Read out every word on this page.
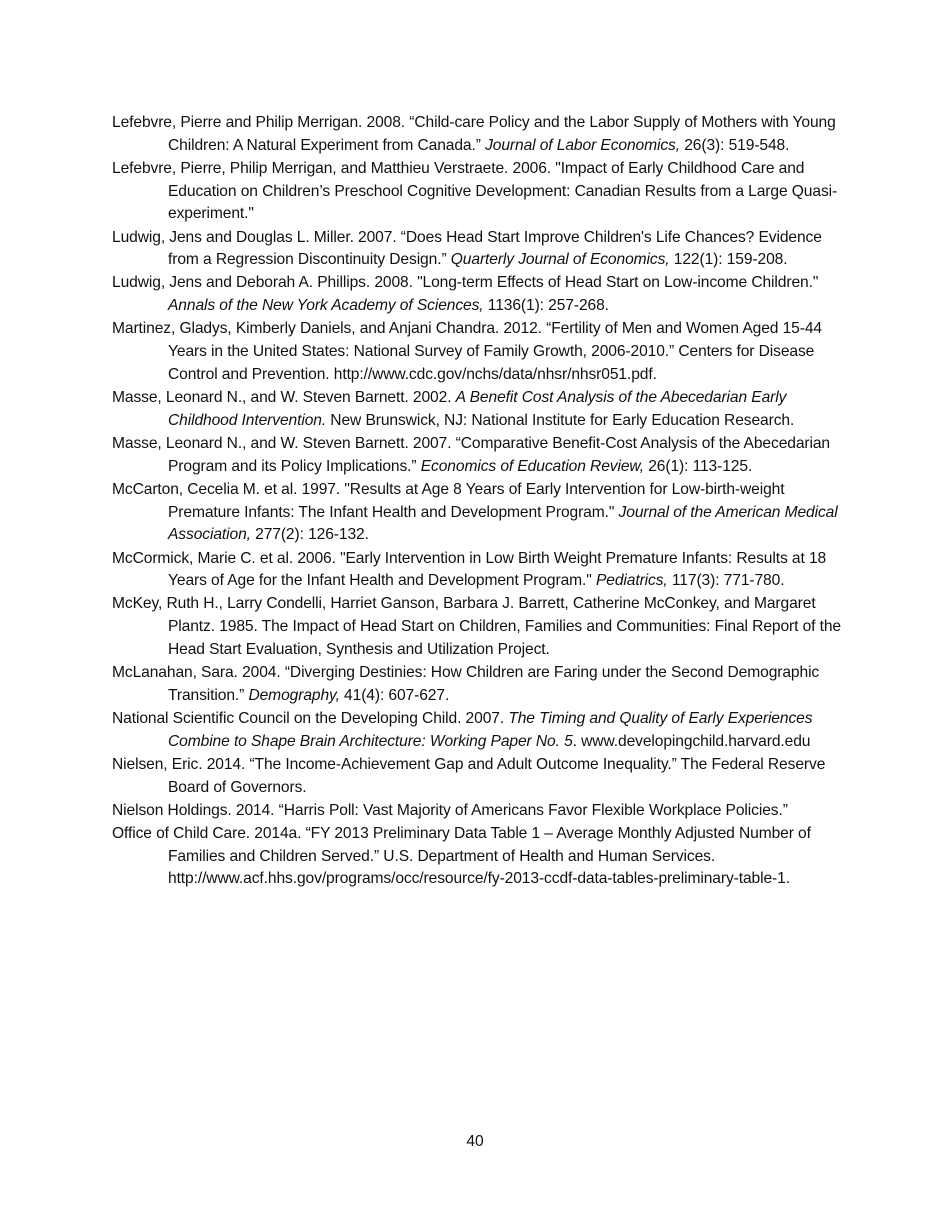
Lefebvre, Pierre and Philip Merrigan. 2008. “Child-care Policy and the Labor Supply of Mothers with Young Children: A Natural Experiment from Canada.” Journal of Labor Economics, 26(3): 519-548.
Lefebvre, Pierre, Philip Merrigan, and Matthieu Verstraete. 2006. "Impact of Early Childhood Care and Education on Children’s Preschool Cognitive Development: Canadian Results from a Large Quasi-experiment."
Ludwig, Jens and Douglas L. Miller. 2007. “Does Head Start Improve Children's Life Chances? Evidence from a Regression Discontinuity Design.” Quarterly Journal of Economics, 122(1): 159-208.
Ludwig, Jens and Deborah A. Phillips. 2008. "Long-term Effects of Head Start on Low-income Children." Annals of the New York Academy of Sciences, 1136(1): 257-268.
Martinez, Gladys, Kimberly Daniels, and Anjani Chandra. 2012. “Fertility of Men and Women Aged 15-44 Years in the United States: National Survey of Family Growth, 2006-2010.” Centers for Disease Control and Prevention. http://www.cdc.gov/nchs/data/nhsr/nhsr051.pdf.
Masse, Leonard N., and W. Steven Barnett. 2002. A Benefit Cost Analysis of the Abecedarian Early Childhood Intervention. New Brunswick, NJ: National Institute for Early Education Research.
Masse, Leonard N., and W. Steven Barnett. 2007. “Comparative Benefit-Cost Analysis of the Abecedarian Program and its Policy Implications.” Economics of Education Review, 26(1): 113-125.
McCarton, Cecelia M. et al. 1997. "Results at Age 8 Years of Early Intervention for Low-birth-weight Premature Infants: The Infant Health and Development Program." Journal of the American Medical Association, 277(2): 126-132.
McCormick, Marie C. et al. 2006. "Early Intervention in Low Birth Weight Premature Infants: Results at 18 Years of Age for the Infant Health and Development Program." Pediatrics, 117(3): 771-780.
McKey, Ruth H., Larry Condelli, Harriet Ganson, Barbara J. Barrett, Catherine McConkey, and Margaret Plantz. 1985. The Impact of Head Start on Children, Families and Communities: Final Report of the Head Start Evaluation, Synthesis and Utilization Project.
McLanahan, Sara. 2004. “Diverging Destinies: How Children are Faring under the Second Demographic Transition.” Demography, 41(4): 607-627.
National Scientific Council on the Developing Child. 2007. The Timing and Quality of Early Experiences Combine to Shape Brain Architecture: Working Paper No. 5. www.developingchild.harvard.edu
Nielsen, Eric. 2014. “The Income-Achievement Gap and Adult Outcome Inequality.” The Federal Reserve Board of Governors.
Nielson Holdings. 2014. “Harris Poll: Vast Majority of Americans Favor Flexible Workplace Policies.”
Office of Child Care. 2014a. “FY 2013 Preliminary Data Table 1 – Average Monthly Adjusted Number of Families and Children Served.” U.S. Department of Health and Human Services. http://www.acf.hhs.gov/programs/occ/resource/fy-2013-ccdf-data-tables-preliminary-table-1.
40
